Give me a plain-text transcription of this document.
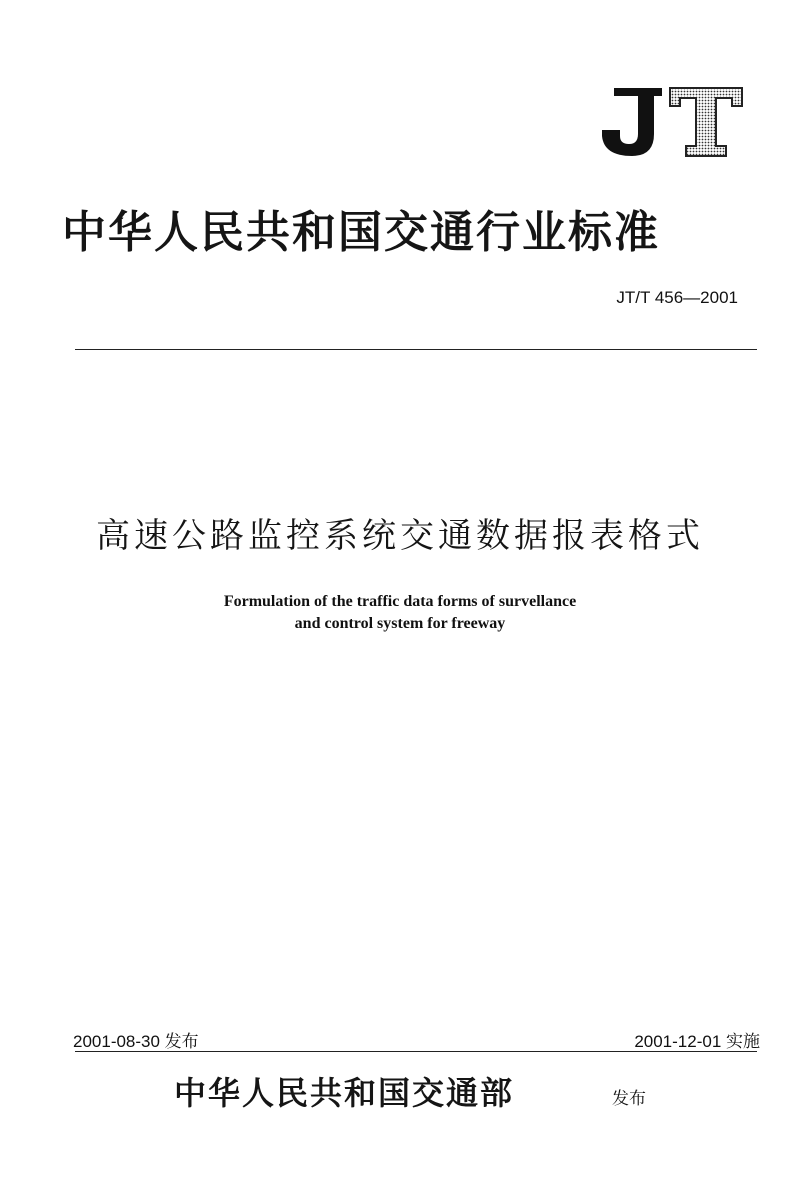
JT
中华人民共和国交通行业标准
JT/T 456—2001
高速公路监控系统交通数据报表格式
Formulation of the traffic data forms of survellance
and control system for freeway
2001-08-30 发布	2001-12-01 实施
中华人民共和国交通部	发布
